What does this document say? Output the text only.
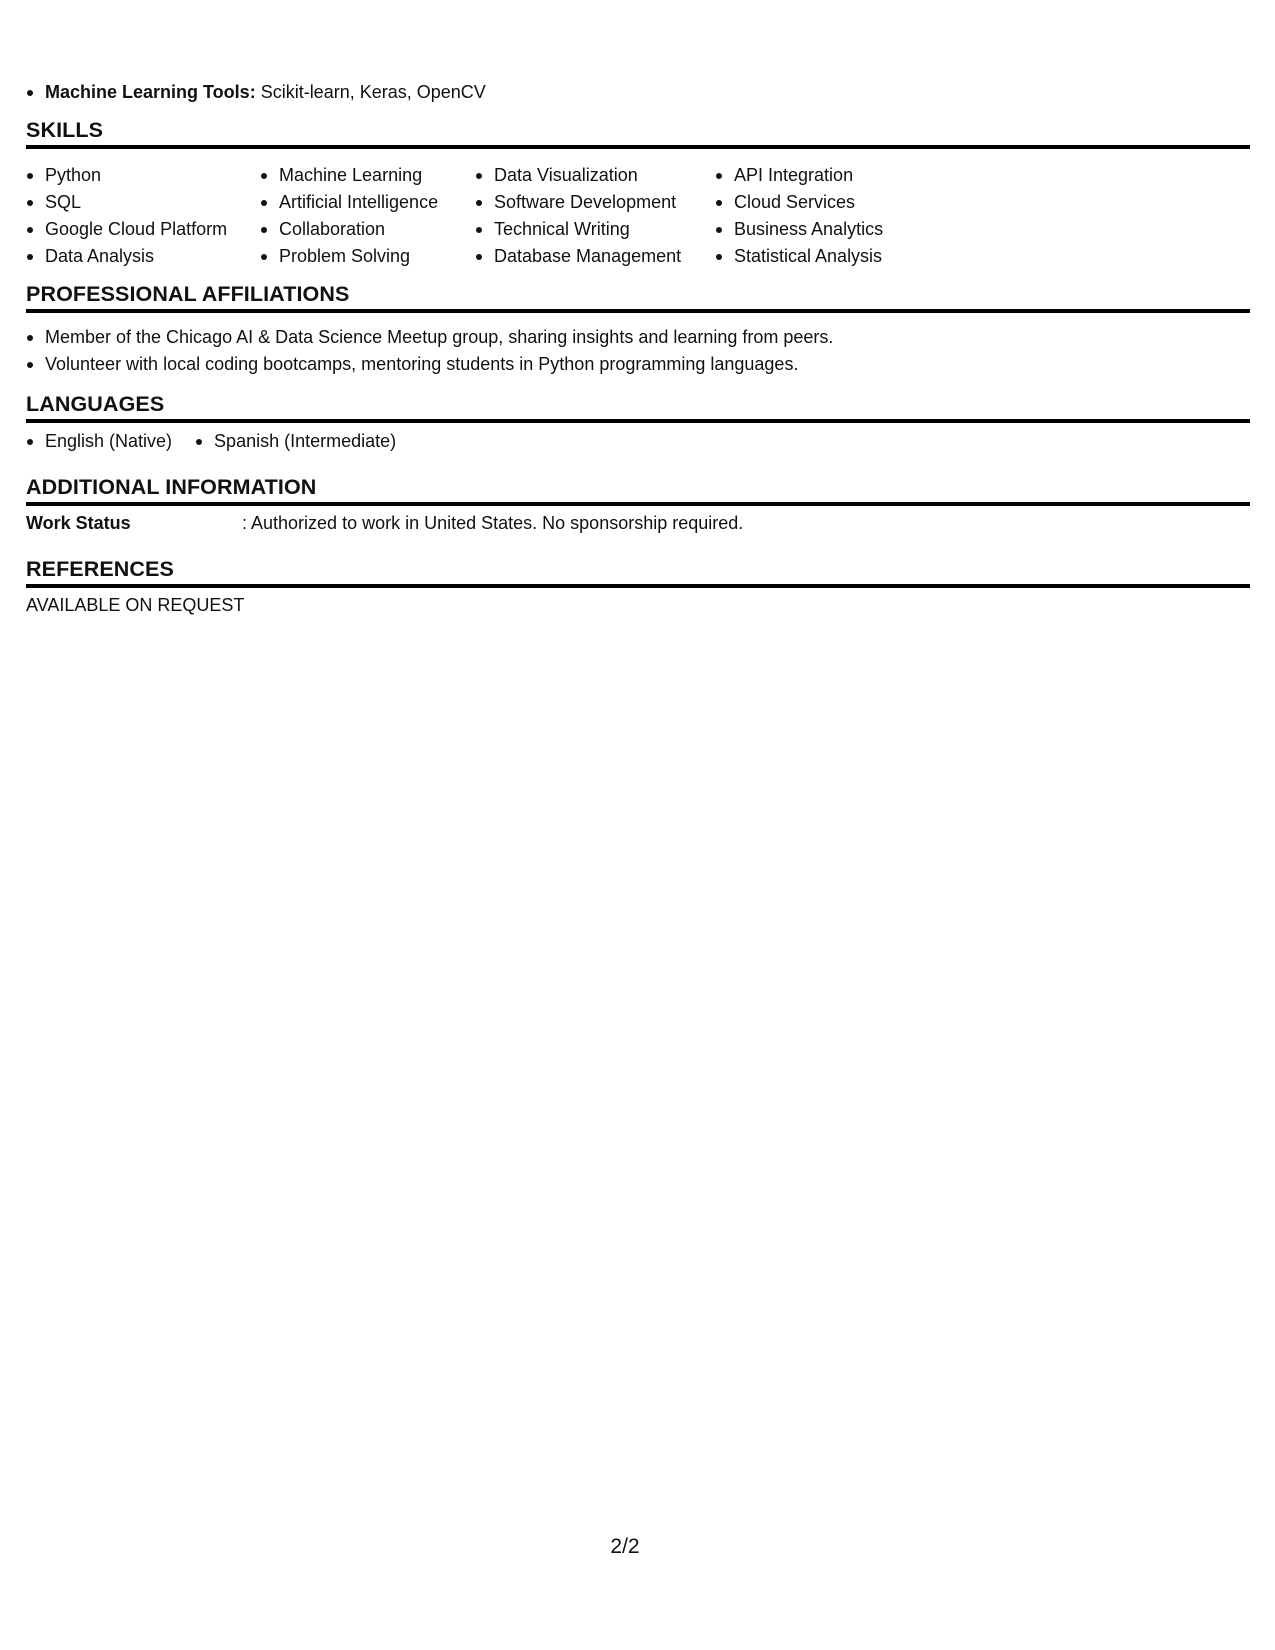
Machine Learning Tools: Scikit-learn, Keras, OpenCV
SKILLS
Python
SQL
Google Cloud Platform
Data Analysis
Machine Learning
Artificial Intelligence
Collaboration
Problem Solving
Data Visualization
Software Development
Technical Writing
Database Management
API Integration
Cloud Services
Business Analytics
Statistical Analysis
PROFESSIONAL AFFILIATIONS
Member of the Chicago AI & Data Science Meetup group, sharing insights and learning from peers.
Volunteer with local coding bootcamps, mentoring students in Python programming languages.
LANGUAGES
English (Native)	Spanish (Intermediate)
ADDITIONAL INFORMATION
Work Status	: Authorized to work in United States. No sponsorship required.
REFERENCES
AVAILABLE ON REQUEST
2/2
